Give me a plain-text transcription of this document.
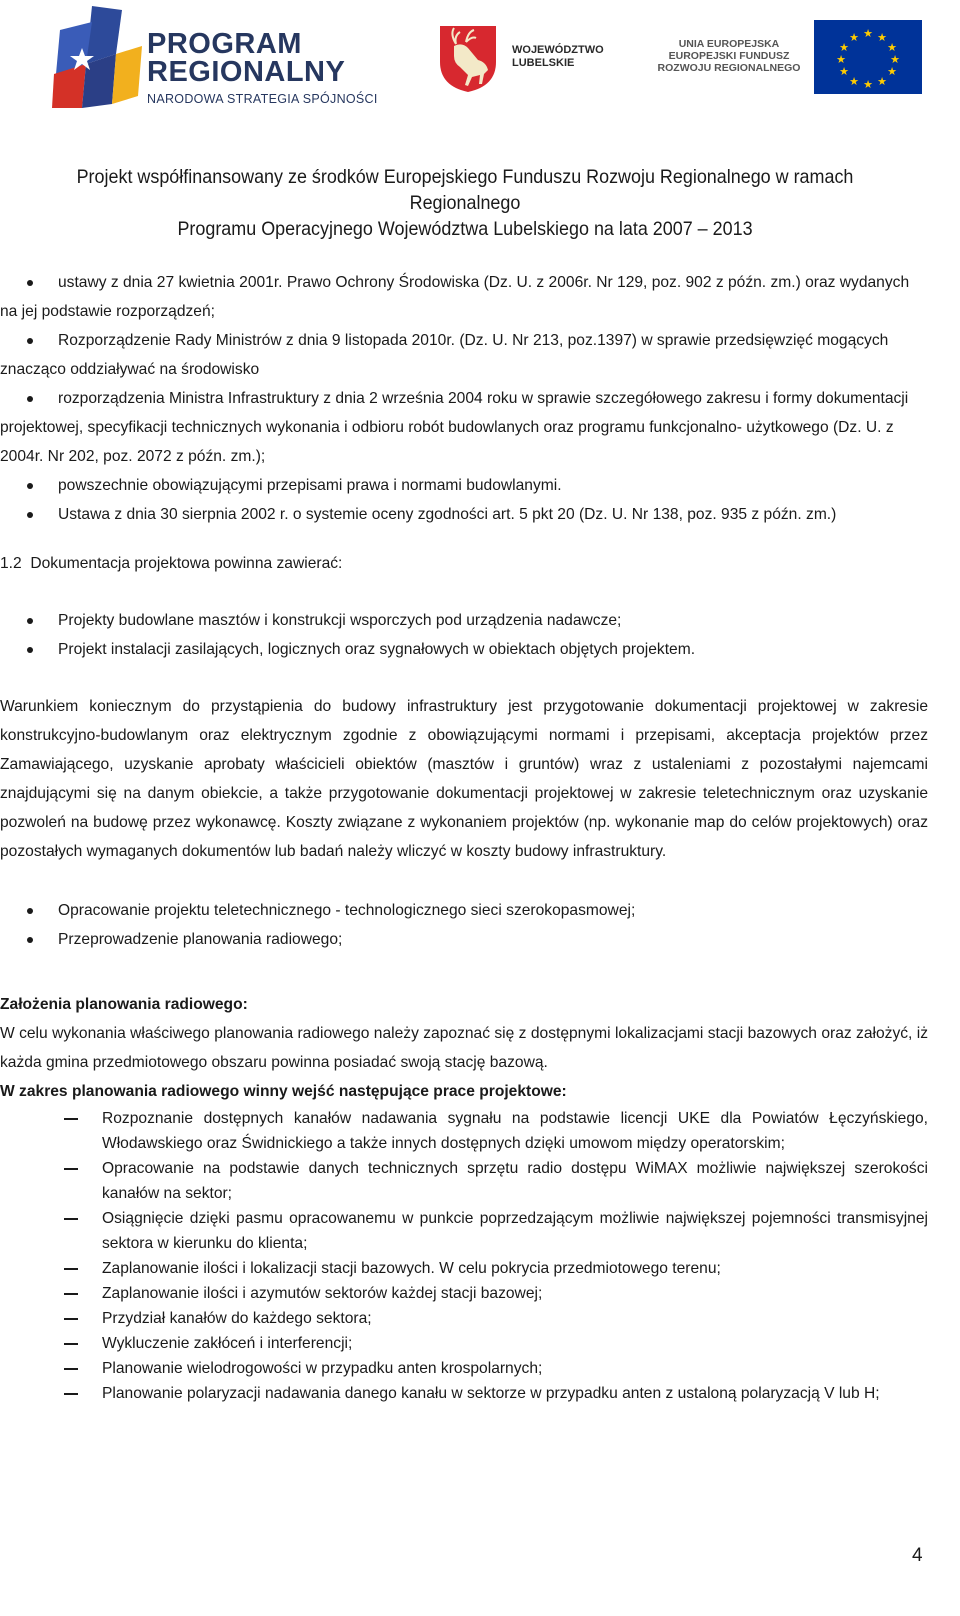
PROGRAM
REGIONALNY
NARODOWA STRATEGIA SPÓJNOŚCI
WOJEWÓDZTWO
LUBELSKIE
UNIA EUROPEJSKA
EUROPEJSKI FUNDUSZ
ROZWOJU REGIONALNEGO
★ ★
★
★
★
★
★
★
★
★
★
★
Projekt współfinansowany ze środków Europejskiego Funduszu Rozwoju Regionalnego w ramach Regionalnego
Programu Operacyjnego Województwa Lubelskiego na lata 2007 – 2013
ustawy z dnia 27 kwietnia 2001r. Prawo Ochrony Środowiska (Dz. U. z 2006r. Nr 129, poz. 902 z późn. zm.) oraz wydanych na jej podstawie rozporządzeń;
Rozporządzenie Rady Ministrów z dnia 9 listopada 2010r. (Dz. U. Nr 213, poz.1397) w sprawie przedsięwzięć mogących znacząco oddziaływać na środowisko
rozporządzenia Ministra Infrastruktury z dnia 2 września 2004 roku w sprawie szczegółowego zakresu i formy dokumentacji projektowej, specyfikacji technicznych wykonania i odbioru robót budowlanych oraz programu funkcjonalno- użytkowego (Dz. U. z 2004r. Nr 202, poz. 2072 z późn. zm.);
powszechnie obowiązującymi przepisami prawa i normami budowlanymi.
Ustawa z dnia 30 sierpnia 2002 r. o systemie oceny zgodności art. 5 pkt 20 (Dz. U. Nr 138, poz. 935 z późn. zm.)

1.2  Dokumentacja projektowa powinna zawierać:

Projekty budowlane masztów i konstrukcji wsporczych pod urządzenia nadawcze;
Projekt instalacji zasilających, logicznych oraz sygnałowych w obiektach objętych projektem.

Warunkiem koniecznym do przystąpienia do budowy infrastruktury jest przygotowanie dokumentacji projektowej w zakresie konstrukcyjno-budowlanym oraz elektrycznym zgodnie z obowiązującymi normami i przepisami, akceptacja projektów przez Zamawiającego, uzyskanie aprobaty właścicieli obiektów (masztów i gruntów) wraz z ustaleniami z pozostałymi najemcami znajdującymi się na danym obiekcie, a także przygotowanie dokumentacji projektowej w zakresie teletechnicznym oraz uzyskanie pozwoleń na budowę przez wykonawcę. Koszty związane z wykonaniem projektów (np. wykonanie map do celów projektowych) oraz pozostałych wymaganych dokumentów lub badań należy wliczyć w koszty budowy infrastruktury.

Opracowanie projektu teletechnicznego - technologicznego sieci szerokopasmowej;
Przeprowadzenie planowania radiowego;

Założenia planowania radiowego:

W celu wykonania właściwego planowania radiowego należy zapoznać się z dostępnymi lokalizacjami stacji bazowych oraz założyć, iż każda gmina przedmiotowego obszaru powinna posiadać swoją stację bazową.

W zakres planowania radiowego winny wejść następujące prace projektowe:

Rozpoznanie dostępnych kanałów nadawania sygnału na podstawie licencji UKE dla Powiatów Łęczyńskiego, Włodawskiego oraz Świdnickiego a także innych dostępnych dzięki umowom między operatorskim;
Opracowanie na podstawie danych technicznych sprzętu radio dostępu WiMAX możliwie największej szerokości kanałów na sektor;
Osiągnięcie dzięki pasmu opracowanemu w punkcie poprzedzającym możliwie największej pojemności transmisyjnej sektora w kierunku do klienta;
Zaplanowanie ilości i lokalizacji stacji bazowych. W celu pokrycia przedmiotowego terenu;
Zaplanowanie ilości i azymutów sektorów każdej stacji bazowej;
Przydział kanałów do każdego sektora;
Wykluczenie zakłóceń i interferencji;
Planowanie wielodrogowości w przypadku anten krospolarnych;
Planowanie polaryzacji nadawania danego kanału w sektorze w przypadku anten z ustaloną polaryzacją V lub H;
4
